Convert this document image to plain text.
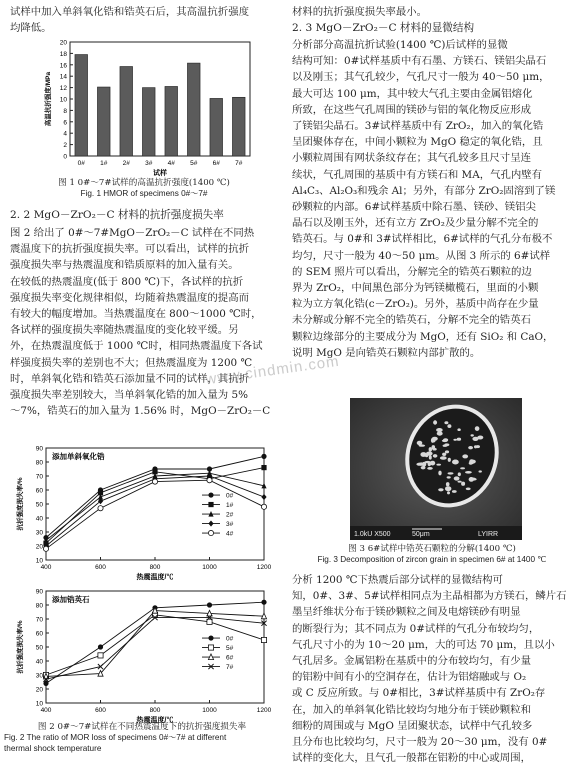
试样中加入单斜氧化锆和锆英石后，其高温抗折强度

均降低。

0
2
4
6
8
10
12
14
16
18
20
0# 1# 2# 3# 4# 5# 6# 7#
试样
高温抗折强度/MPa
图 1 0#～7#试样的高温抗折强度(1400 ℃)
Fig. 1 HMOR of specimens 0#～7#
2. 2 MgO－ZrO₂－C 材料的抗折强度损失率

图 2 给出了 0#～7#MgO－ZrO₂－C 试样在不同热

震温度下的抗折强度损失率。可以看出，试样的抗折

强度损失率与热震温度和锆质原料的加入量有关。

在较低的热震温度(低于 800 ℃)下，各试样的抗折

强度损失率变化规律相似，均随着热震温度的提高而

有较大的幅度增加。当热震温度在 800～1000 ℃时，

各试样的强度损失率随热震温度的变化较平缓。另

外，在热震温度低于 1000 ℃时，相同热震温度下各试

样强度损失率的差别也不大；但热震温度为 1200 ℃

时，单斜氧化锆和锆英石添加量不同的试样，其抗折

强度损失率差别较大，当单斜氧化锆的加入量为 5%

～7%，锆英石的加入量为 1.56% 时，MgO－ZrO₂－C

10
20
30
40
50
60
70
80
90
400	600	800	1000	1200
添加单斜氧化锆
热震温度/℃
抗折强度损失率/%	0#
1#
2#
3#
4#
10
20
30
40
50
60
70
80
90
400	600	800	1000	1200
添加锆英石
热震温度/℃
抗折强度损失率/%	0#
5#
6#
7#
图 2 0#～7#试样在不同热震温度下的抗折强度损失率
Fig. 2 The ratio of MOR loss of specimens 0#～7# at different
thermal shock temperature

材料的抗折强度损失率最小。

2. 3 MgO－ZrO₂－C 材料的显微结构

分析部分高温抗折试验(1400 ℃)后试样的显微

结构可知：0#试样基质中有石墨、方镁石、镁铝尖晶石

以及刚玉；其气孔较少，气孔尺寸一般为 40～50 μm，

最大可达 100 μm，其中较大气孔主要由金属铝熔化

所致，在这些气孔周围的镁砂与铝的氧化物反应形成

了镁铝尖晶石。3#试样基质中有 ZrO₂，加入的氧化锆

呈团聚体存在，中间小颗粒为 MgO 稳定的氧化锆，且

小颗粒周围有网状条纹存在；其气孔较多且尺寸呈连

续状，气孔周围的基质中有方镁石和 MA，气孔内壁有

Al₄C₃、Al₂O₃和残余 Al；另外，有部分 ZrO₂固溶到了镁

砂颗粒的内部。6#试样基质中除石墨、镁砂、镁铝尖

晶石以及刚玉外，还有立方 ZrO₂及少量分解不完全的

锆英石。与 0#和 3#试样相比，6#试样的气孔分布极不

均匀，尺寸一般为 40～50 μm。从图 3 所示的 6#试样

的 SEM 照片可以看出，分解完全的锆英石颗粒的边

界为 ZrO₂，中间黑色部分为钙镁橄榄石，里面的小颗

粒为立方氧化锆(c－ZrO₂)。另外，基质中尚存在少量

未分解或分解不完全的锆英石，分解不完全的锆英石

颗粒边缘部分的主要成分为 MgO，还有 SiO₂ 和 CaO，

说明 MgO 是向锆英石颗粒内部扩散的。

1.0kU X500	50μm	LYIRR
图 3 6#试样中锆英石颗粒的分解(1400 ℃)
Fig. 3 Decomposition of zircon grain in specimen 6# at 1400 ℃

分析 1200 ℃下热震后部分试样的显微结构可

知，0#、3#、5#试样相同点为主晶相都为方镁石，鳞片石

墨呈纤维状分布于镁砂颗粒之间及电熔镁砂有明显

的断裂行为；其不同点为 0#试样的气孔分布较均匀，

气孔尺寸小的为 10～20 μm，大的可达 70 μm，且以小

气孔居多。金属铝粉在基质中的分布较均匀，有少量

的铝粉中间有小的空洞存在，估计为铝熔融或与 O₂

或 C 反应所致。与 0#相比，3#试样基质中有 ZrO₂存

在，加入的单斜氧化锆比较均匀地分布于镁砂颗粒和

细粉的周围或与 MgO 呈团聚状态，试样中气孔较多

且分布也比较均匀，尺寸一般为 20～30 μm，没有 0#

试样的变化大，且气孔一般都在铝粉的中心或周围，

www.cindmin.com
